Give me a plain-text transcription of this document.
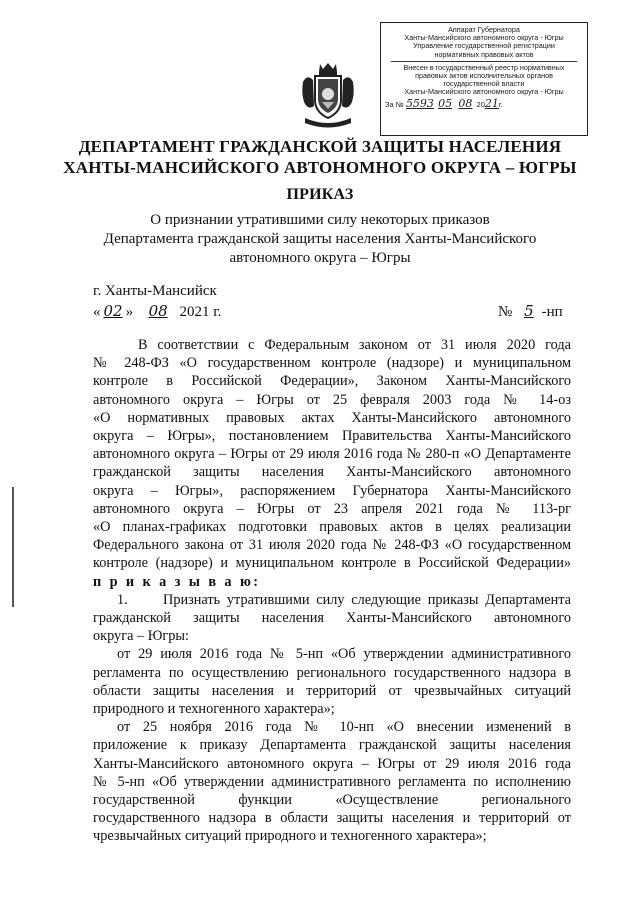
Аппарат Губернатора
Ханты-Мансийского автономного округа - Югры
Управление государственной регистрации
нормативных правовых актов
Внесен в государственный реестр нормативных
правовых актов исполнительных органов
государственной власти
Ханты-Мансийского автономного округа - Югры
За № 5593 05 08 2021г.
ДЕПАРТАМЕНТ ГРАЖДАНСКОЙ ЗАЩИТЫ НАСЕЛЕНИЯ
ХАНТЫ-МАНСИЙСКОГО АВТОНОМНОГО ОКРУГА – ЮГРЫ
ПРИКАЗ
О признании утратившими силу некоторых приказов
Департамента гражданской защиты населения Ханты-Мансийского
автономного округа – Югры
г. Ханты-Мансийск
« 02 » 08 2021 г.	№ 5 -нп
В соответствии с Федеральным законом от 31 июля 2020 года
№ 248-ФЗ «О государственном контроле (надзоре) и муниципальном
контроле в Российской Федерации», Законом Ханты-Мансийского
автономного округа – Югры от 25 февраля 2003 года № 14-оз
«О нормативных правовых актах Ханты-Мансийского автономного
округа – Югры», постановлением Правительства Ханты-Мансийского
автономного округа – Югры от 29 июля 2016 года № 280-п «О Департаменте
гражданской защиты населения Ханты-Мансийского автономного
округа – Югры», распоряжением Губернатора Ханты-Мансийского
автономного округа – Югры от 23 апреля 2021 года № 113-рг
«О планах-графиках подготовки правовых актов в целях реализации
Федерального закона от 31 июля 2020 года № 248-ФЗ «О государственном
контроле (надзоре) и муниципальном контроле в Российской Федерации»
п р и к а з ы в а ю:
1. Признать утратившими силу следующие приказы Департамента
гражданской защиты населения Ханты-Мансийского автономного
округа – Югры:
от 29 июля 2016 года № 5-нп «Об утверждении административного
регламента по осуществлению регионального государственного надзора в
области защиты населения и территорий от чрезвычайных ситуаций
природного и техногенного характера»;
от 25 ноября 2016 года № 10-нп «О внесении изменений в
приложение к приказу Департамента гражданской защиты населения
Ханты-Мансийского автономного округа – Югры от 29 июля 2016 года
№ 5-нп «Об утверждении административного регламента по исполнению
государственной функции «Осуществление регионального
государственного надзора в области защиты населения и территорий от
чрезвычайных ситуаций природного и техногенного характера»;
